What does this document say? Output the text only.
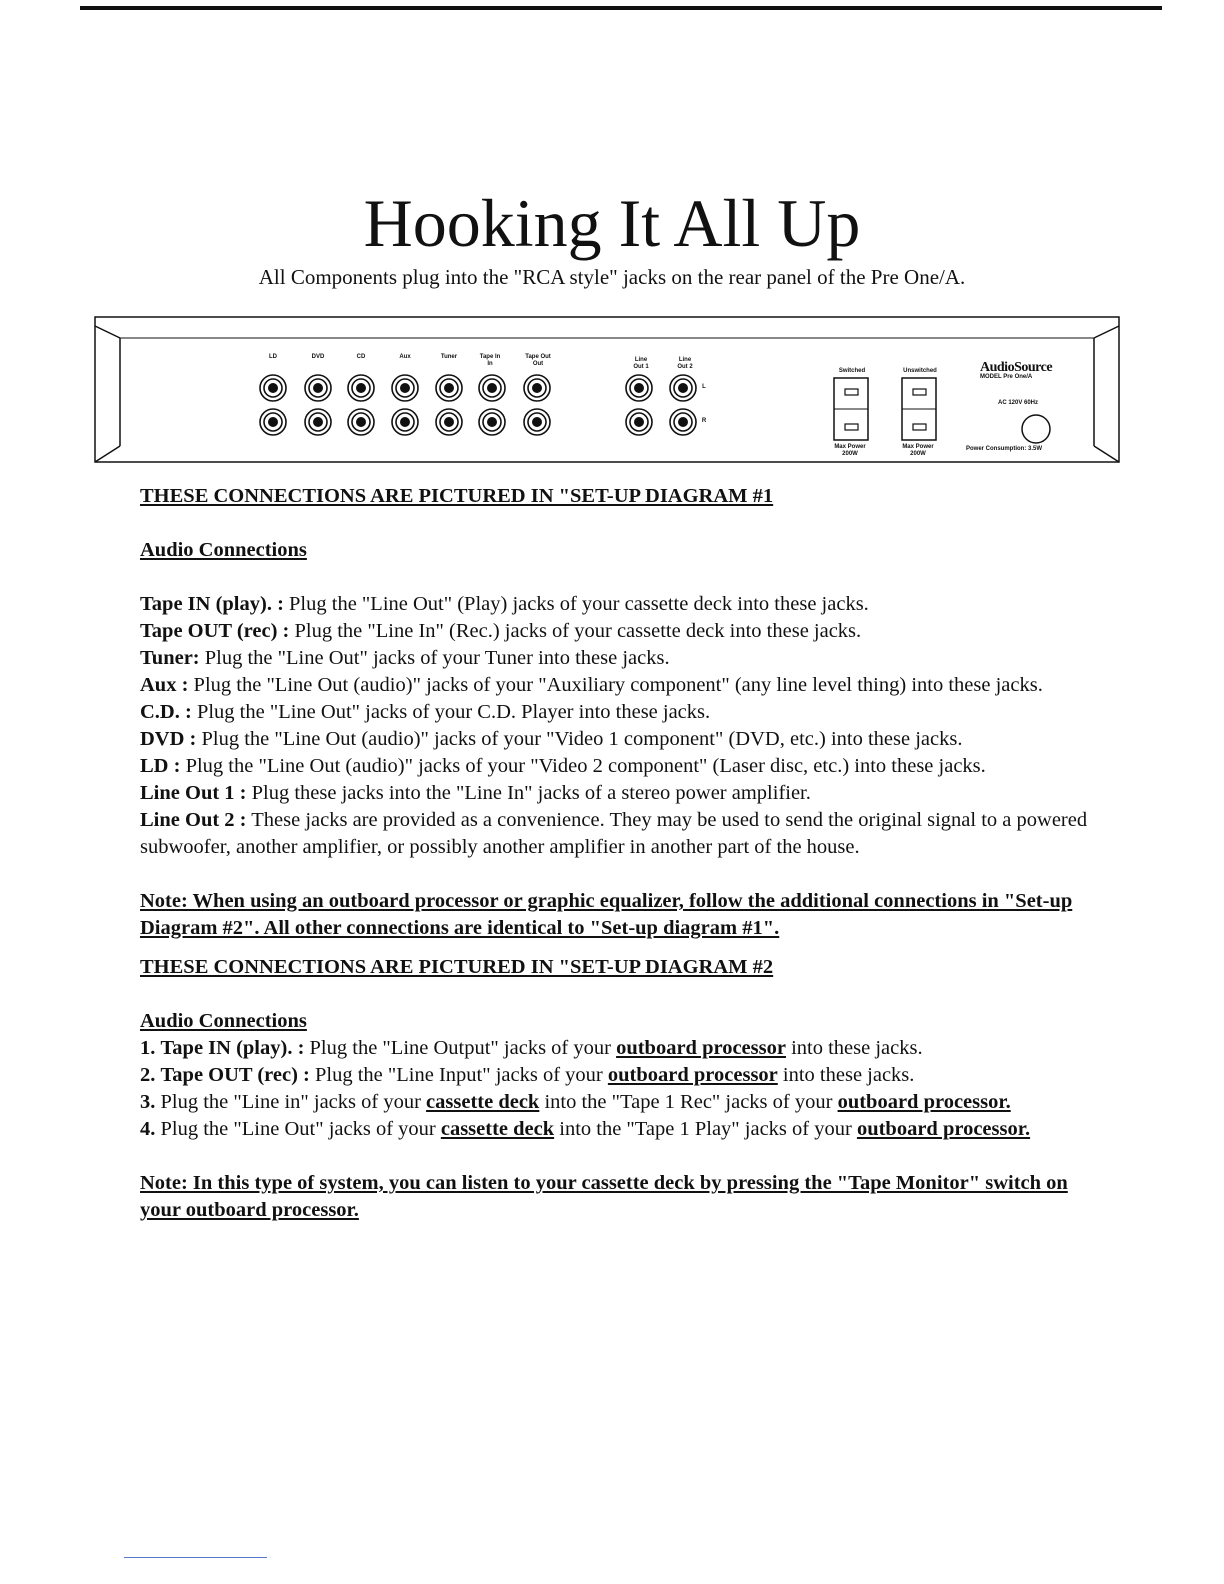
Hooking It All Up
All Components plug into the "RCA style" jacks on the rear panel of the Pre One/A.
LD	DVD	CD	Aux	Tuner	Tape In
In
Tape Out
Out
Line
Out 1
Line
Out 2
L
R
Switched	Unswitched
Max Power
200W
Max Power
200W
AudioSource
MODEL Pre One/A
AC 120V 60Hz
Power Consumption: 3.5W

THESE CONNECTIONS ARE PICTURED IN "SET-UP DIAGRAM #1

Audio Connections

Tape IN (play). : Plug the "Line Out" (Play) jacks of your cassette deck into these jacks.

Tape OUT (rec) : Plug the "Line In" (Rec.) jacks of your cassette deck into these jacks.

Tuner: Plug the "Line Out" jacks of your Tuner into these jacks.

Aux : Plug the "Line Out (audio)" jacks of your "Auxiliary component" (any line level thing) into these jacks.

C.D. : Plug the "Line Out" jacks of your C.D. Player into these jacks.

DVD : Plug the "Line Out (audio)" jacks of your "Video 1 component" (DVD, etc.) into these jacks.

LD : Plug the "Line Out (audio)" jacks of your "Video 2 component" (Laser disc, etc.) into these jacks.

Line Out 1 : Plug these jacks into the "Line In" jacks of a stereo power amplifier.

Line Out 2 : These jacks are provided as a convenience. They may be used to send the original signal to a powered subwoofer, another amplifier, or possibly another amplifier in another part of the house.

Note: When using an outboard processor or graphic equalizer, follow the additional connections in "Set-up Diagram #2". All other connections are identical to "Set-up diagram #1".

THESE CONNECTIONS ARE PICTURED IN "SET-UP DIAGRAM #2

Audio Connections

1. Tape IN (play). : Plug the "Line Output" jacks of your outboard processor into these jacks.

2. Tape OUT (rec) : Plug the "Line Input" jacks of your outboard processor into these jacks.

3. Plug the "Line in" jacks of your cassette deck into the "Tape 1 Rec" jacks of your outboard processor.

4. Plug the "Line Out" jacks of your cassette deck into the "Tape 1 Play" jacks of your outboard processor.

Note: In this type of system, you can listen to your cassette deck by pressing the "Tape Monitor" switch on your outboard processor.
